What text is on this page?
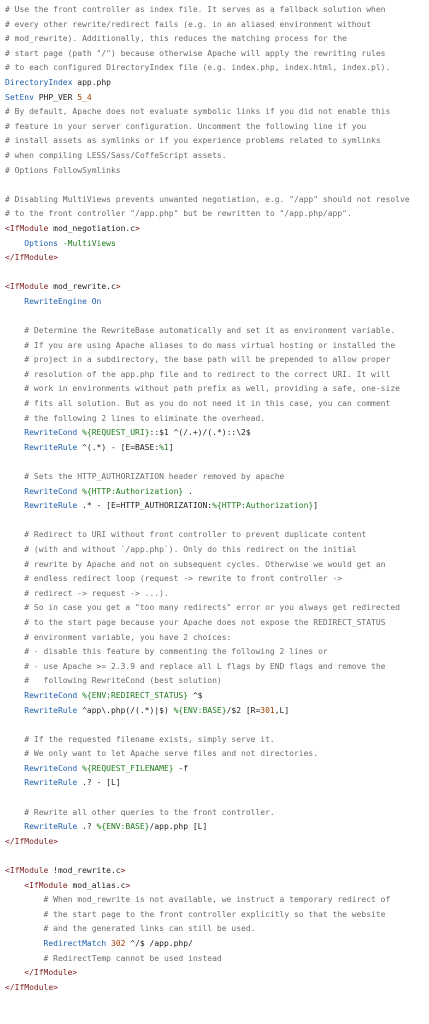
# Use the front controller as index file. It serves as a fallback solution when
# every other rewrite/redirect fails (e.g. in an aliased environment without
# mod_rewrite). Additionally, this reduces the matching process for the
# start page (path "/") because otherwise Apache will apply the rewriting rules
# to each configured DirectoryIndex file (e.g. index.php, index.html, index.pl).
DirectoryIndex app.php
SetEnv PHP_VER 5_4
# By default, Apache does not evaluate symbolic links if you did not enable this
# feature in your server configuration. Uncomment the following line if you
# install assets as symlinks or if you experience problems related to symlinks
# when compiling LESS/Sass/CoffeScript assets.
# Options FollowSymlinks

# Disabling MultiViews prevents unwanted negotiation, e.g. "/app" should not resolve
# to the front controller "/app.php" but be rewritten to "/app.php/app".
<IfModule mod_negotiation.c>
Options -MultiViews
</IfModule>

<IfModule mod_rewrite.c>
RewriteEngine On

# Determine the RewriteBase automatically and set it as environment variable.
# If you are using Apache aliases to do mass virtual hosting or installed the
# project in a subdirectory, the base path will be prepended to allow proper
# resolution of the app.php file and to redirect to the correct URI. It will
# work in environments without path prefix as well, providing a safe, one-size
# fits all solution. But as you do not need it in this case, you can comment
# the following 2 lines to eliminate the overhead.
RewriteCond %{REQUEST_URI}::$1 ^(/.+)/(.*)::\2$
RewriteRule ^(.*) - [E=BASE:%1]

# Sets the HTTP_AUTHORIZATION header removed by apache
RewriteCond %{HTTP:Authorization} .
RewriteRule .* - [E=HTTP_AUTHORIZATION:%{HTTP:Authorization}]

# Redirect to URI without front controller to prevent duplicate content
# (with and without `/app.php`). Only do this redirect on the initial
# rewrite by Apache and not on subsequent cycles. Otherwise we would get an
# endless redirect loop (request -> rewrite to front controller ->
# redirect -> request -> ...).
# So in case you get a "too many redirects" error or you always get redirected
# to the start page because your Apache does not expose the REDIRECT_STATUS
# environment variable, you have 2 choices:
# - disable this feature by commenting the following 2 lines or
# - use Apache >= 2.3.9 and replace all L flags by END flags and remove the
#   following RewriteCond (best solution)
RewriteCond %{ENV:REDIRECT_STATUS} ^$
RewriteRule ^app\.php(/(.*)|$) %{ENV:BASE}/$2 [R=301,L]

# If the requested filename exists, simply serve it.
# We only want to let Apache serve files and not directories.
RewriteCond %{REQUEST_FILENAME} -f
RewriteRule .? - [L]

# Rewrite all other queries to the front controller.
RewriteRule .? %{ENV:BASE}/app.php [L]
</IfModule>

<IfModule !mod_rewrite.c>
<IfModule mod_alias.c>
# When mod_rewrite is not available, we instruct a temporary redirect of
# the start page to the front controller explicitly so that the website
# and the generated links can still be used.
RedirectMatch 302 ^/$ /app.php/
# RedirectTemp cannot be used instead
</IfModule>
</IfModule>
